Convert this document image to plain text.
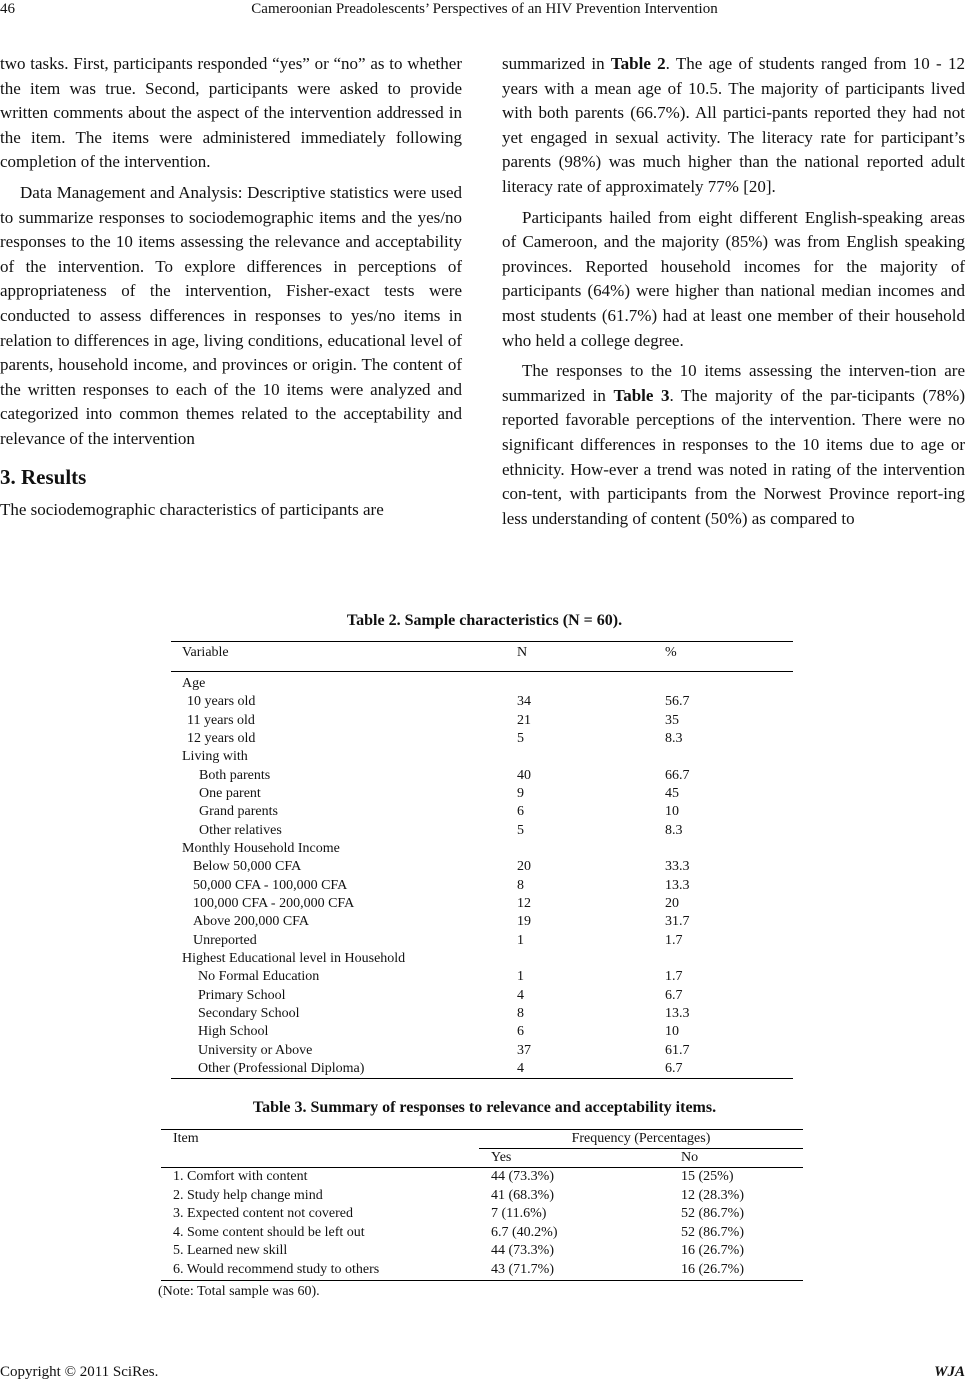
46	Cameroonian Preadolescents’ Perspectives of an HIV Prevention Intervention

two tasks. First, participants responded “yes” or “no” as to whether the item was true. Second, participants were asked to provide written comments about the aspect of the intervention addressed in the item. The items were administered immediately following completion of the intervention.

Data Management and Analysis: Descriptive statistics were used to summarize responses to sociodemographic items and the yes/no responses to the 10 items assessing the relevance and acceptability of the intervention. To explore differences in perceptions of appropriateness of the intervention, Fisher-exact tests were conducted to assess differences in responses to yes/no items in relation to differences in age, living conditions, educational level of parents, household income, and provinces or origin. The content of the written responses to each of the 10 items were analyzed and categorized into common themes related to the acceptability and relevance of the intervention

3. Results

The sociodemographic characteristics of participants are

summarized in Table 2. The age of students ranged from 10 - 12 years with a mean age of 10.5. The majority of participants lived with both parents (66.7%). All partici-pants reported they had not yet engaged in sexual activity. The literacy rate for participant’s parents (98%) was much higher than the national reported adult literacy rate of approximately 77% [20].

Participants hailed from eight different English-speaking areas of Cameroon, and the majority (85%) was from English speaking provinces. Reported household incomes for the majority of participants (64%) were higher than national median incomes and most students (61.7%) had at least one member of their household who held a college degree.

The responses to the 10 items assessing the interven-tion are summarized in Table 3. The majority of the par-ticipants (78%) reported favorable perceptions of the intervention. There were no significant differences in responses to the 10 items due to age or ethnicity. How-ever a trend was noted in rating of the intervention con-tent, with participants from the Norwest Province report-ing less understanding of content (50%) as compared to

Table 2. Sample characteristics (N = 60).
Variable	N	%
Age		
10 years old	34	56.7
11 years old	21	35
12 years old	5	8.3
Living with		
Both parents	40	66.7
One parent	9	45
Grand parents	6	10
Other relatives	5	8.3
Monthly Household Income		
Below 50,000 CFA	20	33.3
50,000 CFA - 100,000 CFA	8	13.3
100,000 CFA - 200,000 CFA	12	20
Above 200,000 CFA	19	31.7
Unreported	1	1.7
Highest Educational level in Household		
No Formal Education	1	1.7
Primary School	4	6.7
Secondary School	8	13.3
High School	6	10
University or Above	37	61.7
Other (Professional Diploma)	4	6.7
Table 3. Summary of responses to relevance and acceptability items.
Item	Frequency (Percentages)	
	Yes	No
1. Comfort with content	44 (73.3%)	15 (25%)
2. Study help change mind	41 (68.3%)	12 (28.3%)
3. Expected content not covered	7 (11.6%)	52 (86.7%)
4. Some content should be left out	6.7 (40.2%)	52 (86.7%)
5. Learned new skill	44 (73.3%)	16 (26.7%)
6. Would recommend study to others	43 (71.7%)	16 (26.7%)
(Note: Total sample was 60).
Copyright © 2011 SciRes.	WJA
